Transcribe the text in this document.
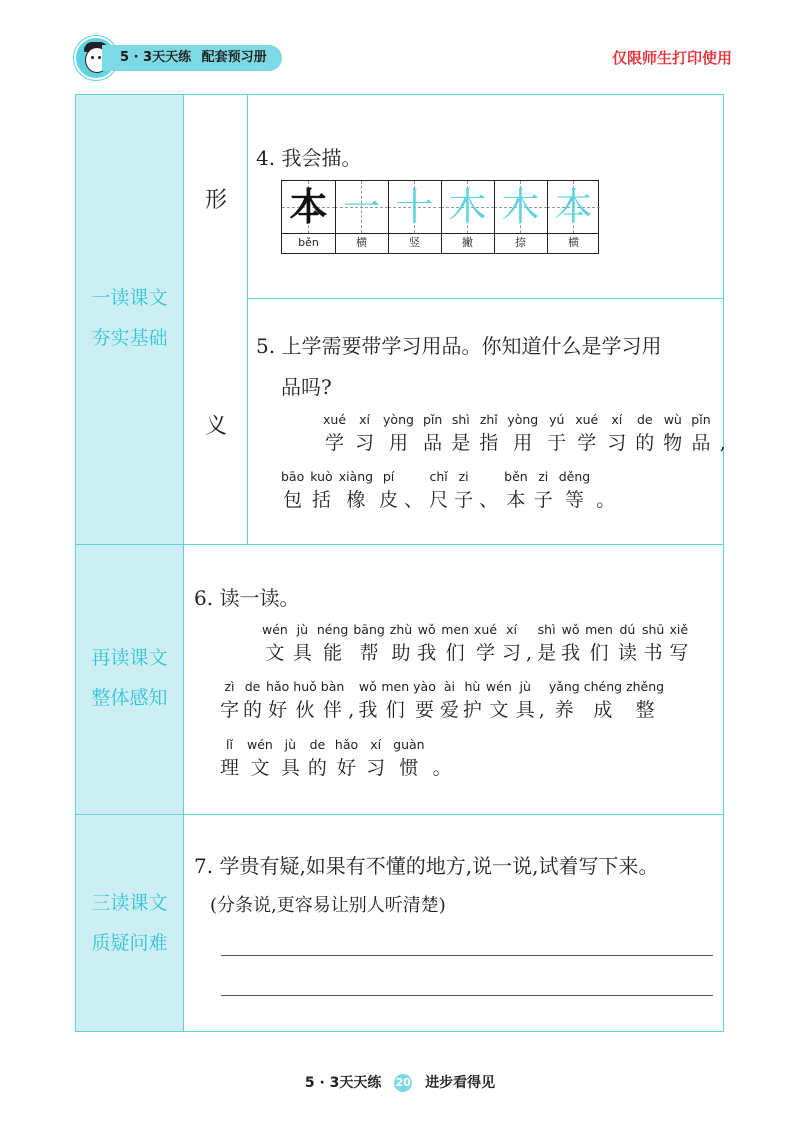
5 · 3天天练 配套预习册	仅限师生打印使用
一读课文
夯实基础
再读课文
整体感知
三读课文
质疑问难
形
义
4. 我会描。
本 一 十 木 木 本
běn	横	竖	撇	捺	横
5. 上学需要带学习用品。你知道什么是学习用
品吗?
xué
学
xí
习
yòng
用
pǐn
品
shì
是
zhǐ
指
yòng
用
yú
于
xué
学
xí
习
de
的
wù
物
pǐn
品 ,
bāo
包
kuò
括
xiàng
橡
pí
皮 、
chǐ
尺
zi
子 、
běn
本
zi
子
děng
等 。
6. 读一读。
wén
文
jù
具
néng
能
bāng
帮
zhù
助
wǒ
我
men
们
xué
学
xí
习 ,
shì
是
wǒ
我
men
们
dú
读
shū
书
xiě
写
zì
字
de
的
hǎo
好
huǒ
伙
bàn
伴 ,
wǒ
我
men
们
yào
要
ài
爱
hù
护
wén
文
jù
具 ,
yǎng
养
chéng
成
zhěng
整
lǐ
理
wén
文
jù
具
de
的
hǎo
好
xí
习
guàn
惯 。
7. 学贵有疑,如果有不懂的地方,说一说,试着写下来。
(分条说,更容易让别人听清楚)
5 · 3天天练 20 进步看得见
